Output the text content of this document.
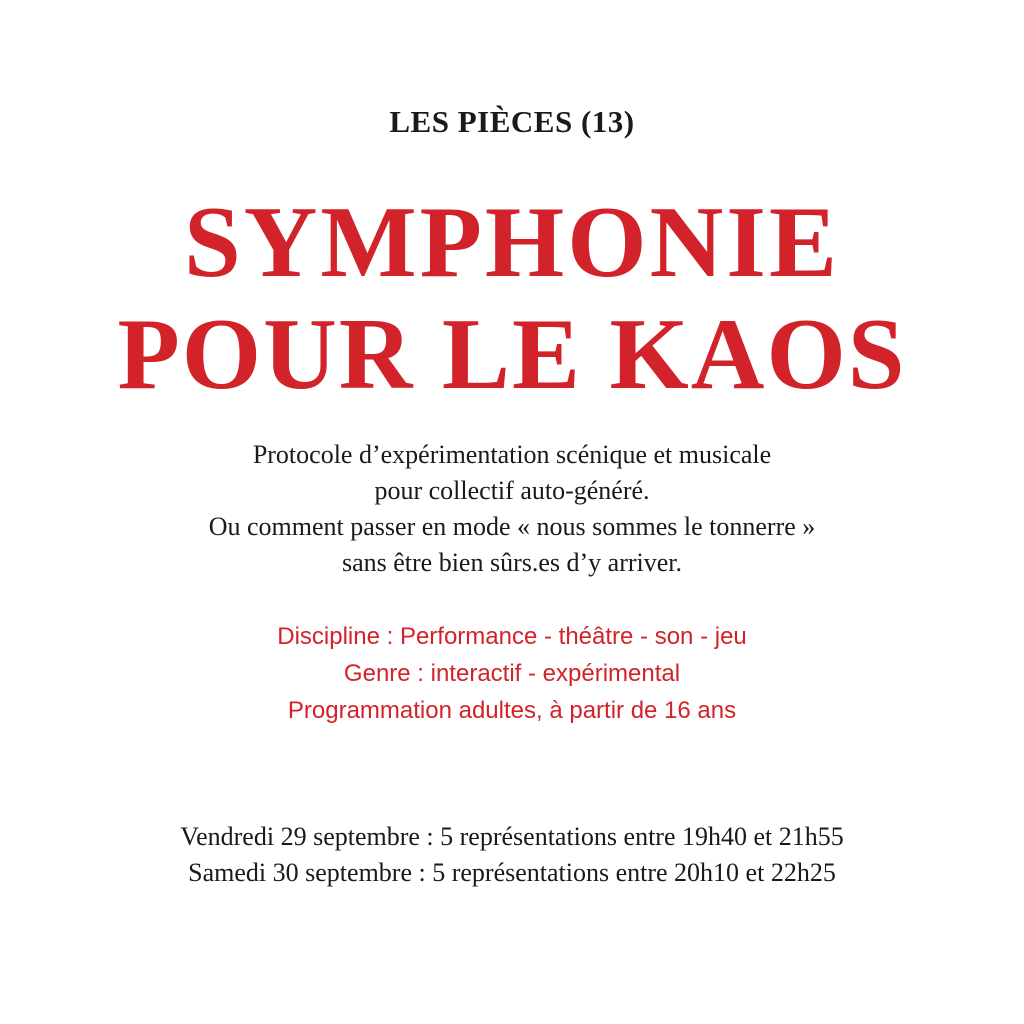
LES PIÈCES (13)
SYMPHONIE
POUR LE KAOS
Protocole d’expérimentation scénique et musicale
pour collectif auto-généré.
Ou comment passer en mode « nous sommes le tonnerre »
sans être bien sûrs.es d’y arriver.
Discipline : Performance - théâtre - son - jeu
Genre : interactif - expérimental
Programmation adultes, à partir de 16 ans
Vendredi 29 septembre : 5 représentations entre 19h40 et 21h55
Samedi 30 septembre : 5 représentations entre 20h10 et 22h25
